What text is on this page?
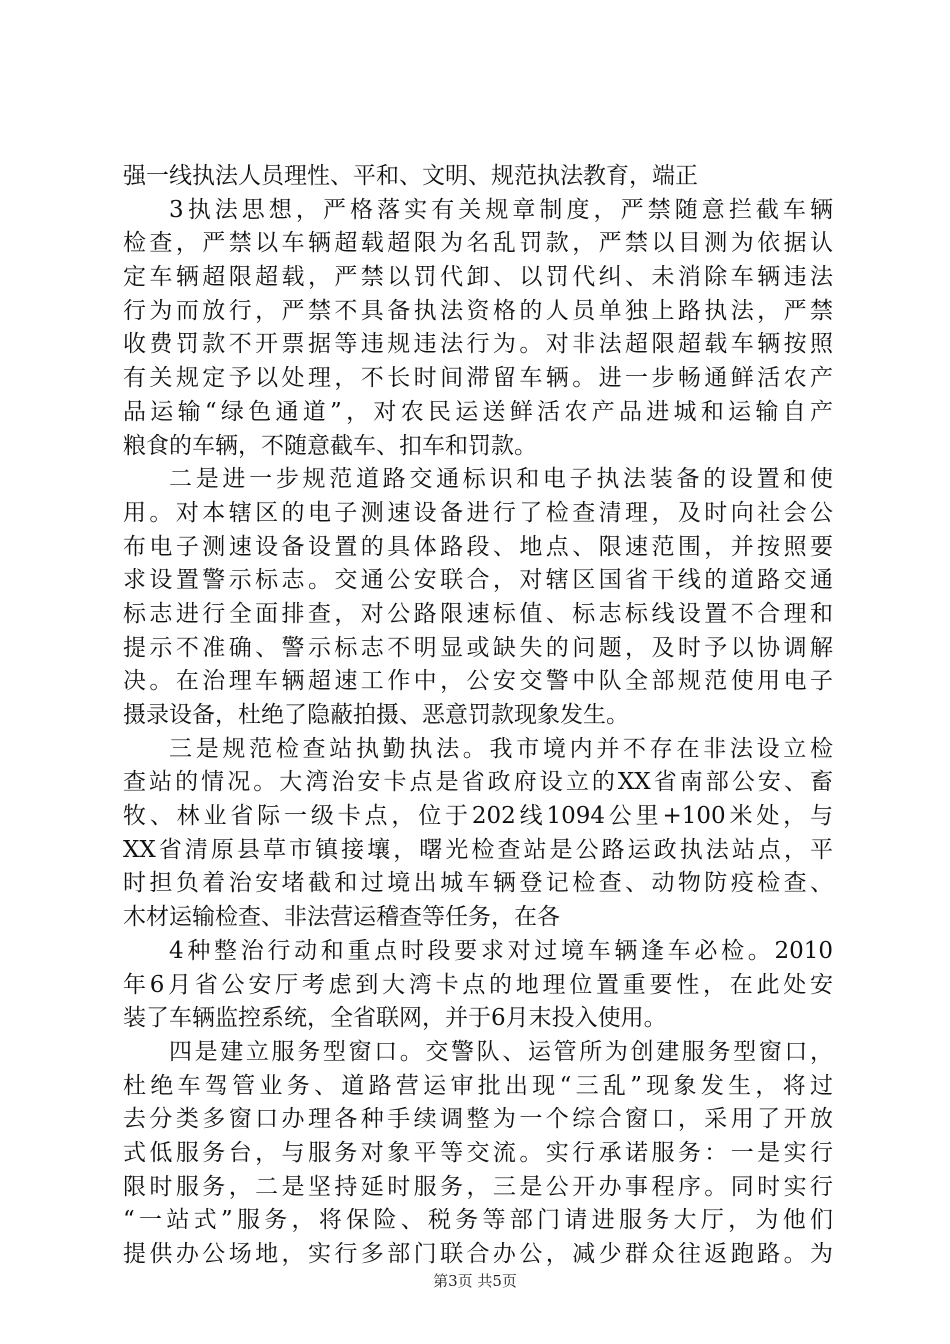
强一线执法人员理性、平和、文明、规范执法教育，端正
3执法思想，严格落实有关规章制度，严禁随意拦截车辆
检查，严禁以车辆超载超限为名乱罚款，严禁以目测为依据认
定车辆超限超载，严禁以罚代卸、以罚代纠、未消除车辆违法
行为而放行，严禁不具备执法资格的人员单独上路执法，严禁
收费罚款不开票据等违规违法行为。对非法超限超载车辆按照
有关规定予以处理，不长时间滞留车辆。进一步畅通鲜活农产
品运输“绿色通道”，对农民运送鲜活农产品进城和运输自产
粮食的车辆，不随意截车、扣车和罚款。
二是进一步规范道路交通标识和电子执法装备的设置和使
用。对本辖区的电子测速设备进行了检查清理，及时向社会公
布电子测速设备设置的具体路段、地点、限速范围，并按照要
求设置警示标志。交通公安联合，对辖区国省干线的道路交通
标志进行全面排查，对公路限速标值、标志标线设置不合理和
提示不准确、警示标志不明显或缺失的问题，及时予以协调解
决。在治理车辆超速工作中，公安交警中队全部规范使用电子
摄录设备，杜绝了隐蔽拍摄、恶意罚款现象发生。
三是规范检查站执勤执法。我市境内并不存在非法设立检
查站的情况。大湾治安卡点是省政府设立的XX省南部公安、畜
牧、林业省际一级卡点，位于202线1094公里+100米处，与
XX省清原县草市镇接壤，曙光检查站是公路运政执法站点，平
时担负着治安堵截和过境出城车辆登记检查、动物防疫检查、
木材运输检查、非法营运稽查等任务，在各
4种整治行动和重点时段要求对过境车辆逢车必检。2010
年6月省公安厅考虑到大湾卡点的地理位置重要性，在此处安
装了车辆监控系统，全省联网，并于6月末投入使用。
四是建立服务型窗口。交警队、运管所为创建服务型窗口，
杜绝车驾管业务、道路营运审批出现“三乱”现象发生，将过
去分类多窗口办理各种手续调整为一个综合窗口，采用了开放
式低服务台，与服务对象平等交流。实行承诺服务：一是实行
限时服务，二是坚持延时服务，三是公开办事程序。同时实行
“一站式”服务，将保险、税务等部门请进服务大厅，为他们
提供办公场地，实行多部门联合办公，减少群众往返跑路。为
第3页 共5页
